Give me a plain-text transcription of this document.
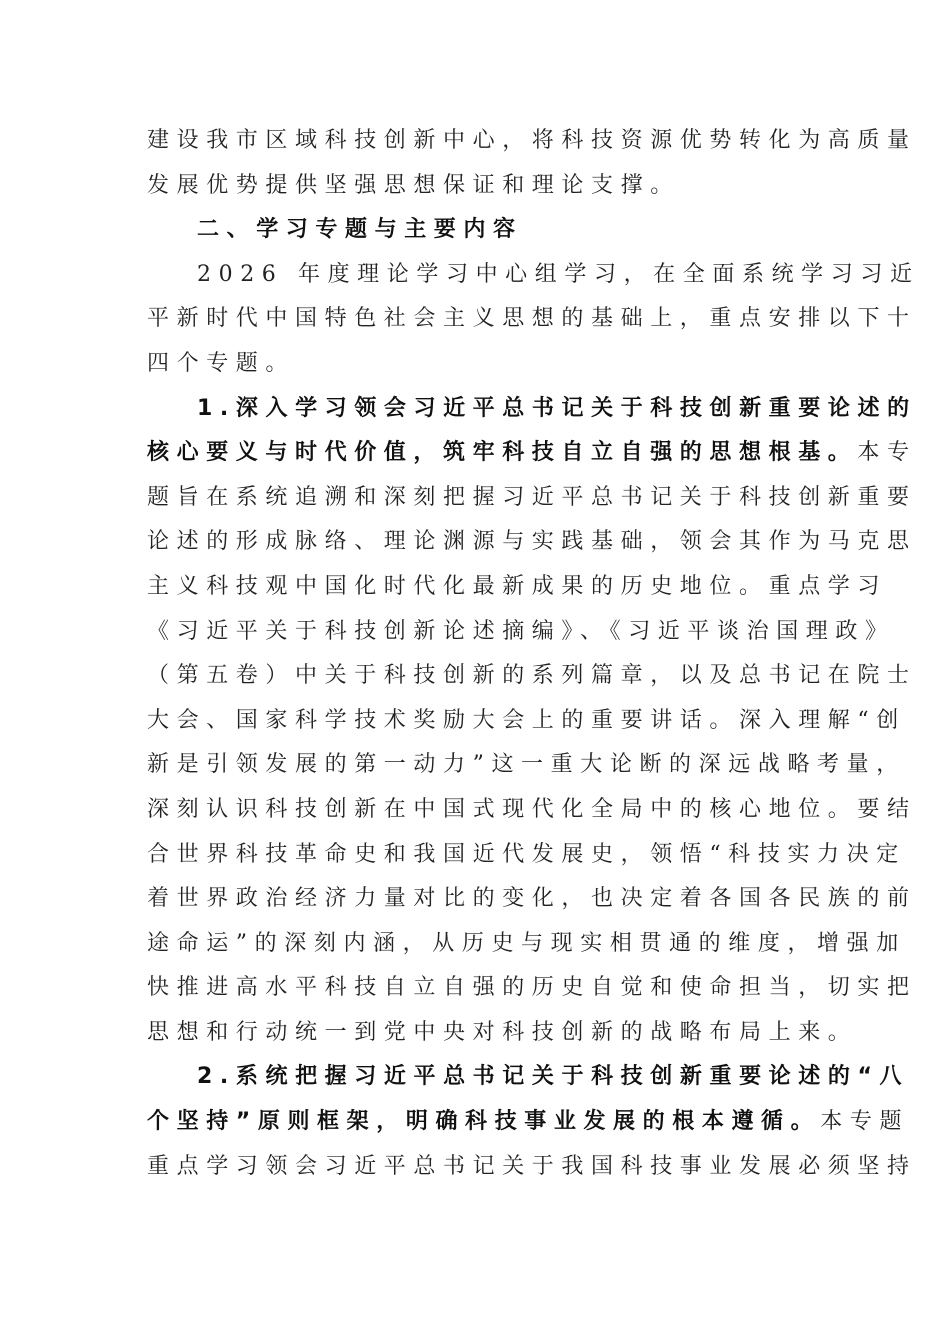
建设我市区域科技创新中心，将科技资源优势转化为高质量
发展优势提供坚强思想保证和理论支撑。
二、学习专题与主要内容
2026 年度理论学习中心组学习，在全面系统学习习近
平新时代中国特色社会主义思想的基础上，重点安排以下十
四个专题。
1.深入学习领会习近平总书记关于科技创新重要论述的
核心要义与时代价值，筑牢科技自立自强的思想根基。本专
题旨在系统追溯和深刻把握习近平总书记关于科技创新重要
论述的形成脉络、理论渊源与实践基础，领会其作为马克思
主义科技观中国化时代化最新成果的历史地位。重点学习
《习近平关于科技创新论述摘编》、《习近平谈治国理政》
（第五卷）中关于科技创新的系列篇章，以及总书记在院士
大会、国家科学技术奖励大会上的重要讲话。深入理解“创
新是引领发展的第一动力”这一重大论断的深远战略考量，
深刻认识科技创新在中国式现代化全局中的核心地位。要结
合世界科技革命史和我国近代发展史，领悟“科技实力决定
着世界政治经济力量对比的变化，也决定着各国各民族的前
途命运”的深刻内涵，从历史与现实相贯通的维度，增强加
快推进高水平科技自立自强的历史自觉和使命担当，切实把
思想和行动统一到党中央对科技创新的战略布局上来。
2.系统把握习近平总书记关于科技创新重要论述的“八
个坚持”原则框架，明确科技事业发展的根本遵循。本专题
重点学习领会习近平总书记关于我国科技事业发展必须坚持
